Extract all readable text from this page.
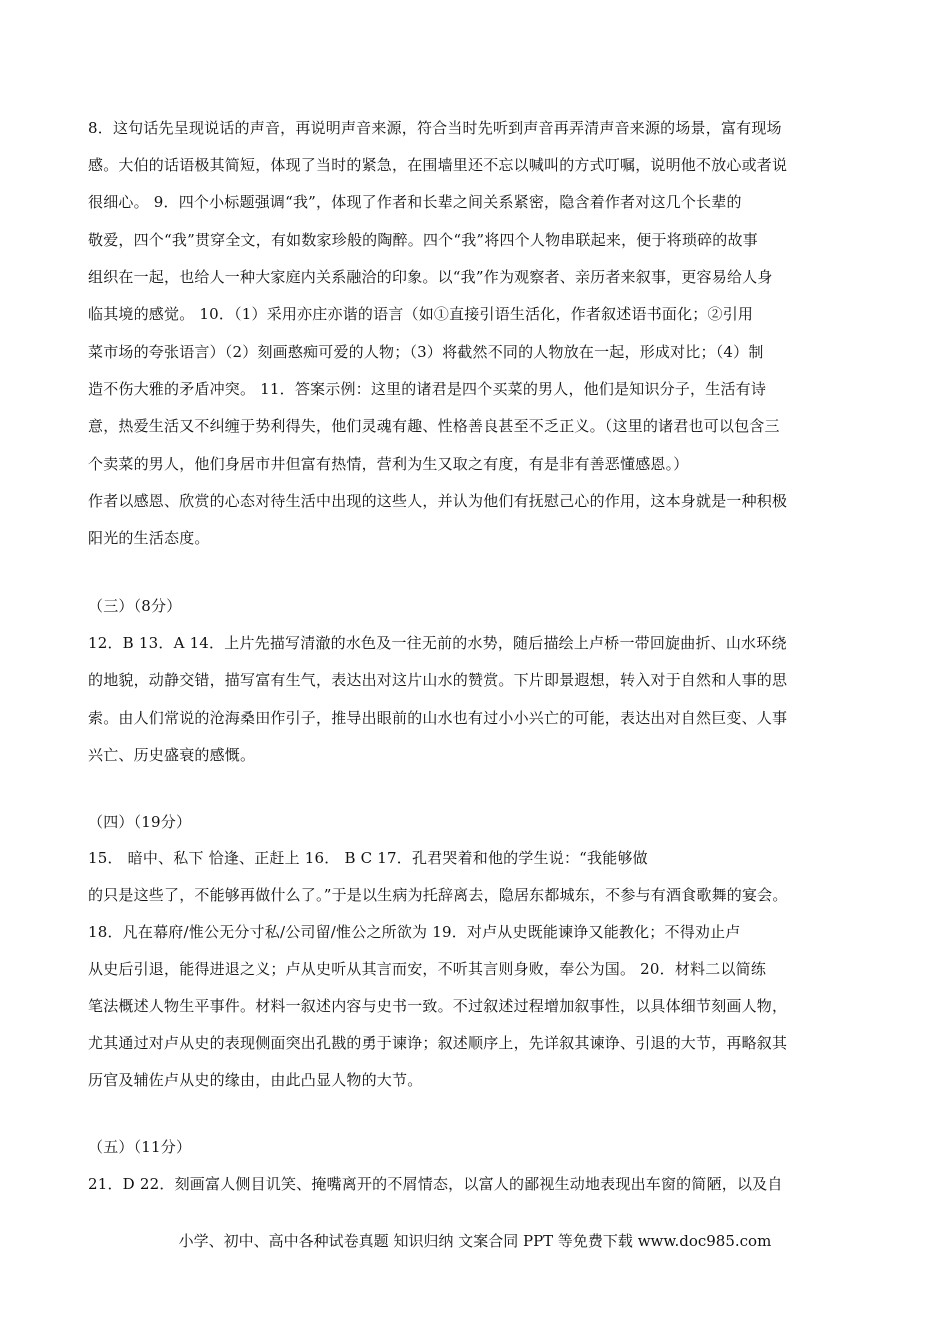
8．这句话先呈现说话的声音，再说明声音来源，符合当时先听到声音再弄清声音来源的场景，富有现场
感。大伯的话语极其简短，体现了当时的紧急，在围墙里还不忘以喊叫的方式叮嘱，说明他不放心或者说
很细心。 9．四个小标题强调“我”，体现了作者和长辈之间关系紧密，隐含着作者对这几个长辈的
敬爱，四个“我”贯穿全文，有如数家珍般的陶醉。四个“我”将四个人物串联起来，便于将琐碎的故事
组织在一起，也给人一种大家庭内关系融洽的印象。以“我”作为观察者、亲历者来叙事，更容易给人身
临其境的感觉。 10．（1）采用亦庄亦谐的语言（如①直接引语生活化，作者叙述语书面化；②引用
菜市场的夸张语言）（2）刻画憨痴可爱的人物；（3）将截然不同的人物放在一起，形成对比；（4）制
造不伤大雅的矛盾冲突。 11．答案示例：这里的诸君是四个买菜的男人，他们是知识分子，生活有诗
意，热爱生活又不纠缠于势利得失，他们灵魂有趣、性格善良甚至不乏正义。（这里的诸君也可以包含三
个卖菜的男人，他们身居市井但富有热情，营利为生又取之有度，有是非有善恶懂感恩。）
作者以感恩、欣赏的心态对待生活中出现的这些人，并认为他们有抚慰己心的作用，这本身就是一种积极
阳光的生活态度。
（三）（8分）
12．B 13．A 14．上片先描写清澈的水色及一往无前的水势，随后描绘上卢桥一带回旋曲折、山水环绕
的地貌，动静交错，描写富有生气，表达出对这片山水的赞赏。下片即景遐想，转入对于自然和人事的思
索。由人们常说的沧海桑田作引子，推导出眼前的山水也有过小小兴亡的可能，表达出对自然巨变、人事
兴亡、历史盛衰的感慨。
（四）（19分）
15． 暗中、私下 恰逢、正赶上 16． B C 17．孔君哭着和他的学生说：“我能够做
的只是这些了，不能够再做什么了。”于是以生病为托辞离去，隐居东都城东，不参与有酒食歌舞的宴会。
18．凡在幕府/惟公无分寸私/公司留/惟公之所欲为 19．对卢从史既能谏诤又能教化；不得劝止卢
从史后引退，能得进退之义；卢从史听从其言而安，不听其言则身败，奉公为国。 20．材料二以简练
笔法概述人物生平事件。材料一叙述内容与史书一致。不过叙述过程增加叙事性，以具体细节刻画人物，
尤其通过对卢从史的表现侧面突出孔戡的勇于谏诤；叙述顺序上，先详叙其谏诤、引退的大节，再略叙其
历官及辅佐卢从史的缘由，由此凸显人物的大节。
（五）（11分）
21．D 22．刻画富人侧目讥笑、掩嘴离开的不屑情态，以富人的鄙视生动地表现出车窗的简陋，以及自
小学、初中、高中各种试卷真题 知识归纳 文案合同 PPT 等免费下载 www.doc985.com
